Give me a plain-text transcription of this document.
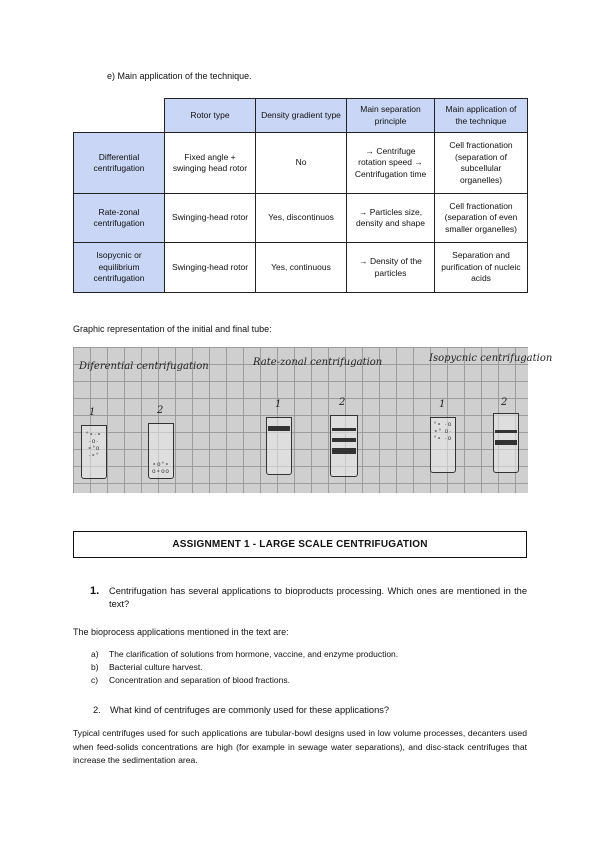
e) Main application of the technique.
	Rotor type	Density gradient type	Main separation principle	Main application of the technique
Differential centrifugation	Fixed angle + swinging head rotor	No	→ Centrifuge rotation speed → Centrifugation time	Cell fractionation (separation of subcellular organelles)
Rate-zonal centrifugation	Swinging-head rotor	Yes, discontinuos	→ Particles size, density and shape	Cell fractionation (separation of even smaller organelles)
Isopycnic or equilibrium centrifugation	Swinging-head rotor	Yes, continuous	→ Density of the particles	Separation and purification of nucleic acids
Graphic representation of the initial and final tube:
Diferential centrifugation	Rate-zonal centrifugation	Isopycnic centrifugation
1	2
1	2	1	2
°∘·∘ ·o· ∘°o ·∘°
∘o°∘ o∘oo
°∘ ·o ∘° o· °∘ ·o
ASSIGNMENT 1 - LARGE SCALE CENTRIFUGATION
1. Centrifugation has several applications to bioproducts processing. Which ones are mentioned in the text?
The bioprocess applications mentioned in the text are:
a) The clarification of solutions from hormone, vaccine, and enzyme production.
b) Bacterial culture harvest.
c) Concentration and separation of blood fractions.
2. What kind of centrifuges are commonly used for these applications?
Typical centrifuges used for such applications are tubular-bowl designs used in low volume processes, decanters used when feed-solids concentrations are high (for example in sewage water separations), and disc-stack centrifuges that increase the sedimentation area.
